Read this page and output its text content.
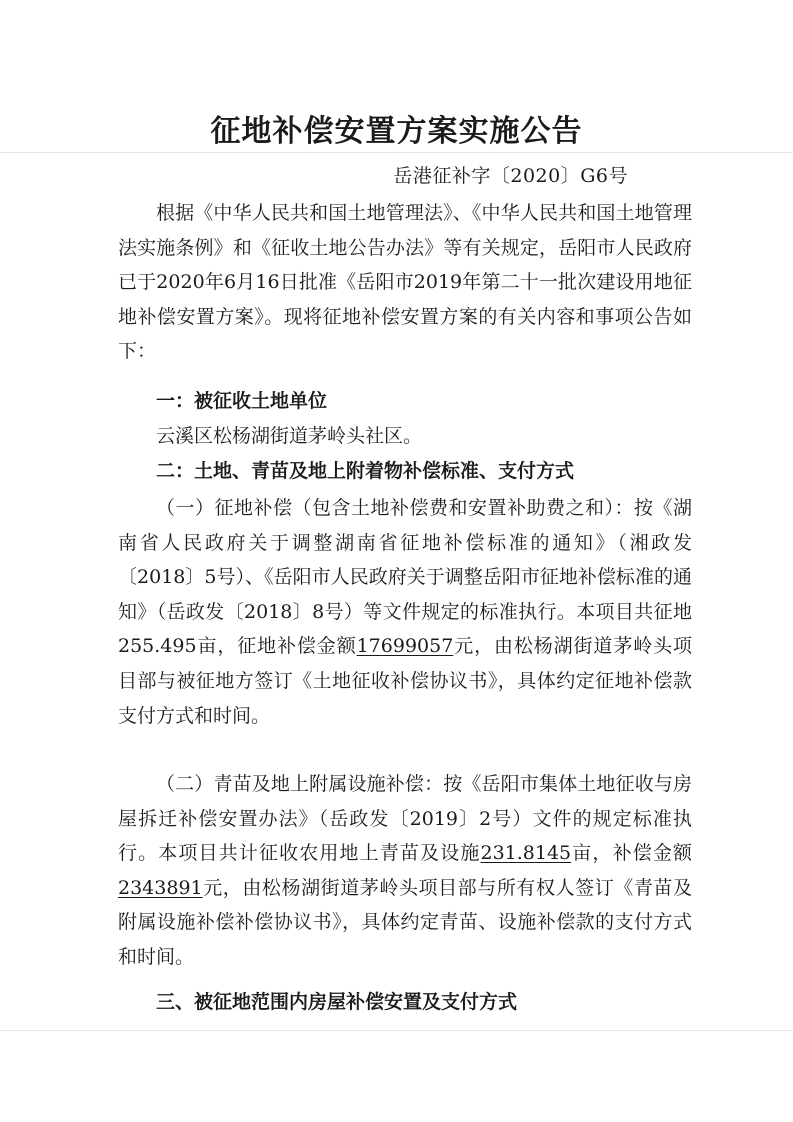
征地补偿安置方案实施公告
岳港征补字〔2020〕G6号

根据《中华人民共和国土地管理法》、《中华人民共和国土地管理法实施条例》和《征收土地公告办法》等有关规定，岳阳市人民政府已于2020年6月16日批准《岳阳市2019年第二十一批次建设用地征地补偿安置方案》。现将征地补偿安置方案的有关内容和事项公告如下：

一：被征收土地单位

云溪区松杨湖街道茅岭头社区。

二：土地、青苗及地上附着物补偿标准、支付方式

（一）征地补偿（包含土地补偿费和安置补助费之和）：按《湖南省人民政府关于调整湖南省征地补偿标准的通知》（湘政发〔2018〕5号）、《岳阳市人民政府关于调整岳阳市征地补偿标准的通知》（岳政发〔2018〕8号）等文件规定的标准执行。本项目共征地255.495亩，征地补偿金额17699057元，由松杨湖街道茅岭头项目部与被征地方签订《土地征收补偿协议书》，具体约定征地补偿款支付方式和时间。

（二）青苗及地上附属设施补偿：按《岳阳市集体土地征收与房屋拆迁补偿安置办法》（岳政发〔2019〕2号）文件的规定标准执行。本项目共计征收农用地上青苗及设施231.8145亩，补偿金额2343891元，由松杨湖街道茅岭头项目部与所有权人签订《青苗及附属设施补偿补偿协议书》，具体约定青苗、设施补偿款的支付方式和时间。

三、被征地范围内房屋补偿安置及支付方式
